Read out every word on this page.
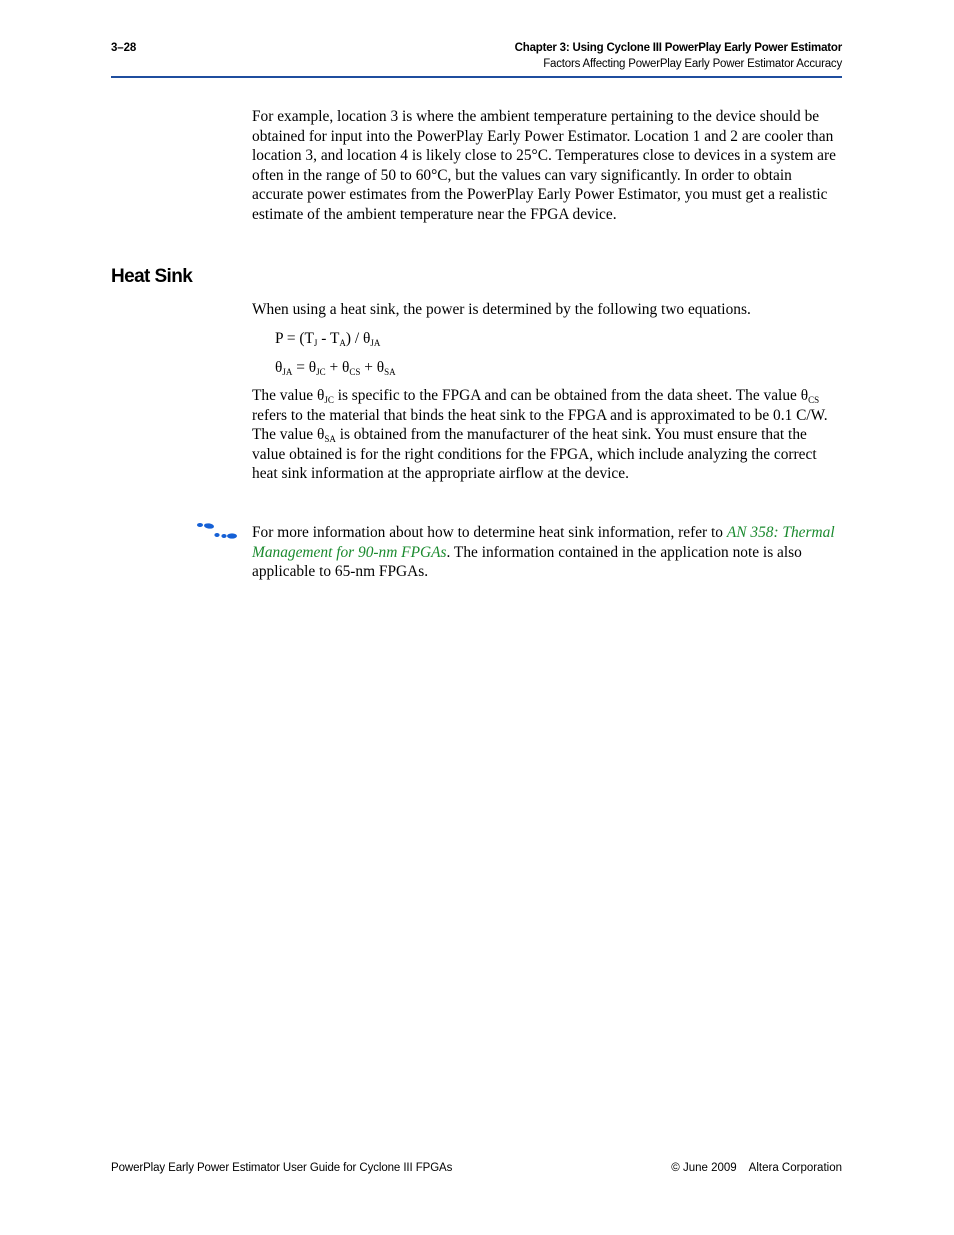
3–28	Chapter 3: Using Cyclone III PowerPlay Early Power Estimator
Factors Affecting PowerPlay Early Power Estimator Accuracy

For example, location 3 is where the ambient temperature pertaining to the device should be obtained for input into the PowerPlay Early Power Estimator. Location 1 and 2 are cooler than location 3, and location 4 is likely close to 25°C. Temperatures close to devices in a system are often in the range of 50 to 60°C, but the values can vary significantly. In order to obtain accurate power estimates from the PowerPlay Early Power Estimator, you must get a realistic estimate of the ambient temperature near the FPGA device.

Heat Sink

When using a heat sink, the power is determined by the following two equations.

$P = (T_J - T_A) / \theta_{JA}$
$\theta_{JA} = \theta_{JC} + \theta_{CS} + \theta_{SA}$

The value $\theta_{JC}$ is specific to the FPGA and can be obtained from the data sheet. The value $\theta_{CS}$ refers to the material that binds the heat sink to the FPGA and is approximated to be 0.1 C/W. The value $\theta_{SA}$ is obtained from the manufacturer of the heat sink. You must ensure that the value obtained is for the right conditions for the FPGA, which include analyzing the correct heat sink information at the appropriate airflow at the device.

For more information about how to determine heat sink information, refer to AN 358: Thermal Management for 90-nm FPGAs. The information contained in the application note is also applicable to 65-nm FPGAs.

PowerPlay Early Power Estimator User Guide for Cyclone III FPGAs	© June 2009 Altera Corporation
